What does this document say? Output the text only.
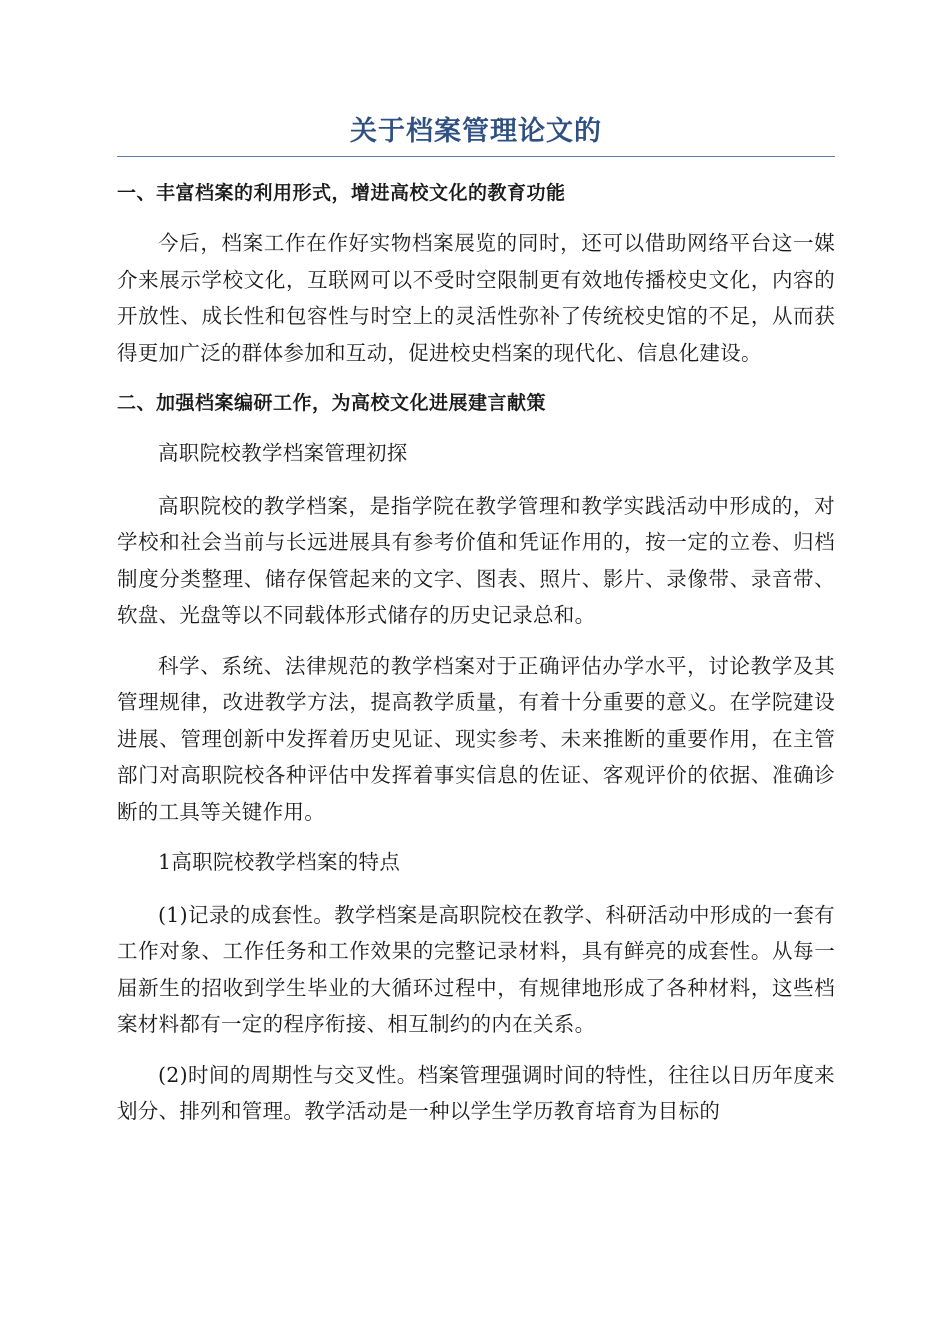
关于档案管理论文的
一、丰富档案的利用形式，增进高校文化的教育功能

今后，档案工作在作好实物档案展览的同时，还可以借助网络平台这一媒介来展示学校文化，互联网可以不受时空限制更有效地传播校史文化，内容的开放性、成长性和包容性与时空上的灵活性弥补了传统校史馆的不足，从而获得更加广泛的群体参加和互动，促进校史档案的现代化、信息化建设。

二、加强档案编研工作，为高校文化进展建言献策

高职院校教学档案管理初探

高职院校的教学档案，是指学院在教学管理和教学实践活动中形成的，对学校和社会当前与长远进展具有参考价值和凭证作用的，按一定的立卷、归档制度分类整理、储存保管起来的文字、图表、照片、影片、录像带、录音带、软盘、光盘等以不同载体形式储存的历史记录总和。

科学、系统、法律规范的教学档案对于正确评估办学水平，讨论教学及其管理规律，改进教学方法，提高教学质量，有着十分重要的意义。在学院建设进展、管理创新中发挥着历史见证、现实参考、未来推断的重要作用，在主管部门对高职院校各种评估中发挥着事实信息的佐证、客观评价的依据、准确诊断的工具等关键作用。

1高职院校教学档案的特点

(1)记录的成套性。教学档案是高职院校在教学、科研活动中形成的一套有工作对象、工作任务和工作效果的完整记录材料，具有鲜亮的成套性。从每一届新生的招收到学生毕业的大循环过程中，有规律地形成了各种材料，这些档案材料都有一定的程序衔接、相互制约的内在关系。

(2)时间的周期性与交叉性。档案管理强调时间的特性，往往以日历年度来划分、排列和管理。教学活动是一种以学生学历教育培育为目标的
